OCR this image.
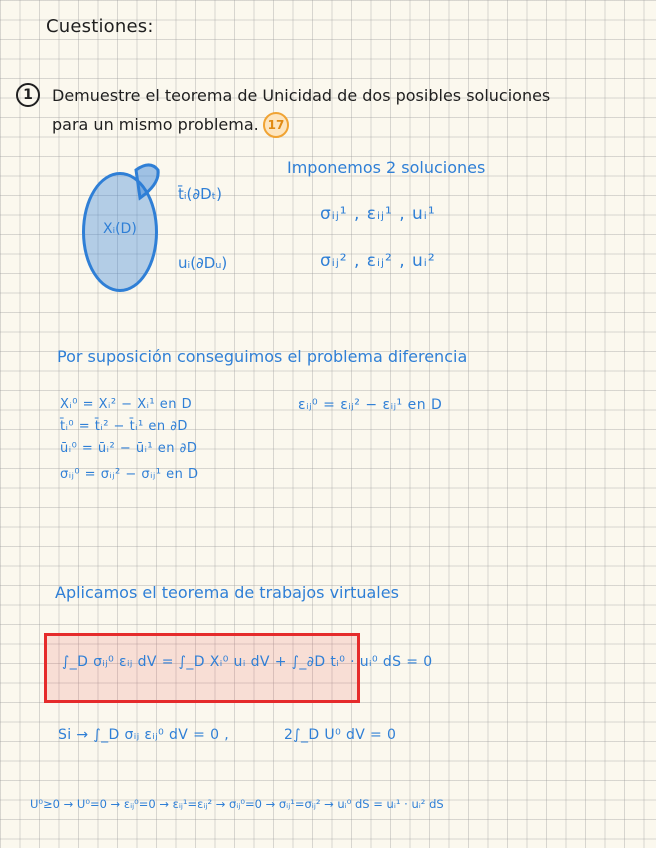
Cuestiones:
1	Demuestre el teorema de Unicidad de dos posibles soluciones
para un mismo problema. 17
Xᵢ(D)
t̄ᵢ(∂Dₜ)
uᵢ(∂Dᵤ)
Imponemos 2 soluciones
σᵢⱼ¹ , εᵢⱼ¹ , uᵢ¹
σᵢⱼ² , εᵢⱼ² , uᵢ²
Por suposición conseguimos el problema diferencia
Xᵢ⁰ = Xᵢ² − Xᵢ¹ en D
t̄ᵢ⁰ = t̄ᵢ² − t̄ᵢ¹ en ∂D
ūᵢ⁰ = ūᵢ² − ūᵢ¹ en ∂D
σᵢⱼ⁰ = σᵢⱼ² − σᵢⱼ¹ en D
εᵢⱼ⁰ = εᵢⱼ² − εᵢⱼ¹ en D
Aplicamos el teorema de trabajos virtuales
∫_D σᵢⱼ⁰ εᵢⱼ dV = ∫_D Xᵢ⁰ uᵢ dV + ∫_∂D tᵢ⁰ · uᵢ⁰ dS = 0
Si → ∫_D σᵢⱼ εᵢⱼ⁰ dV = 0 ,	2∫_D U⁰ dV = 0
U⁰≥0 → U⁰=0 → εᵢⱼ⁰=0 → εᵢⱼ¹=εᵢⱼ² → σᵢⱼ⁰=0 → σᵢⱼ¹=σᵢⱼ² → uᵢ⁰ dS = uᵢ¹ · uᵢ² dS
